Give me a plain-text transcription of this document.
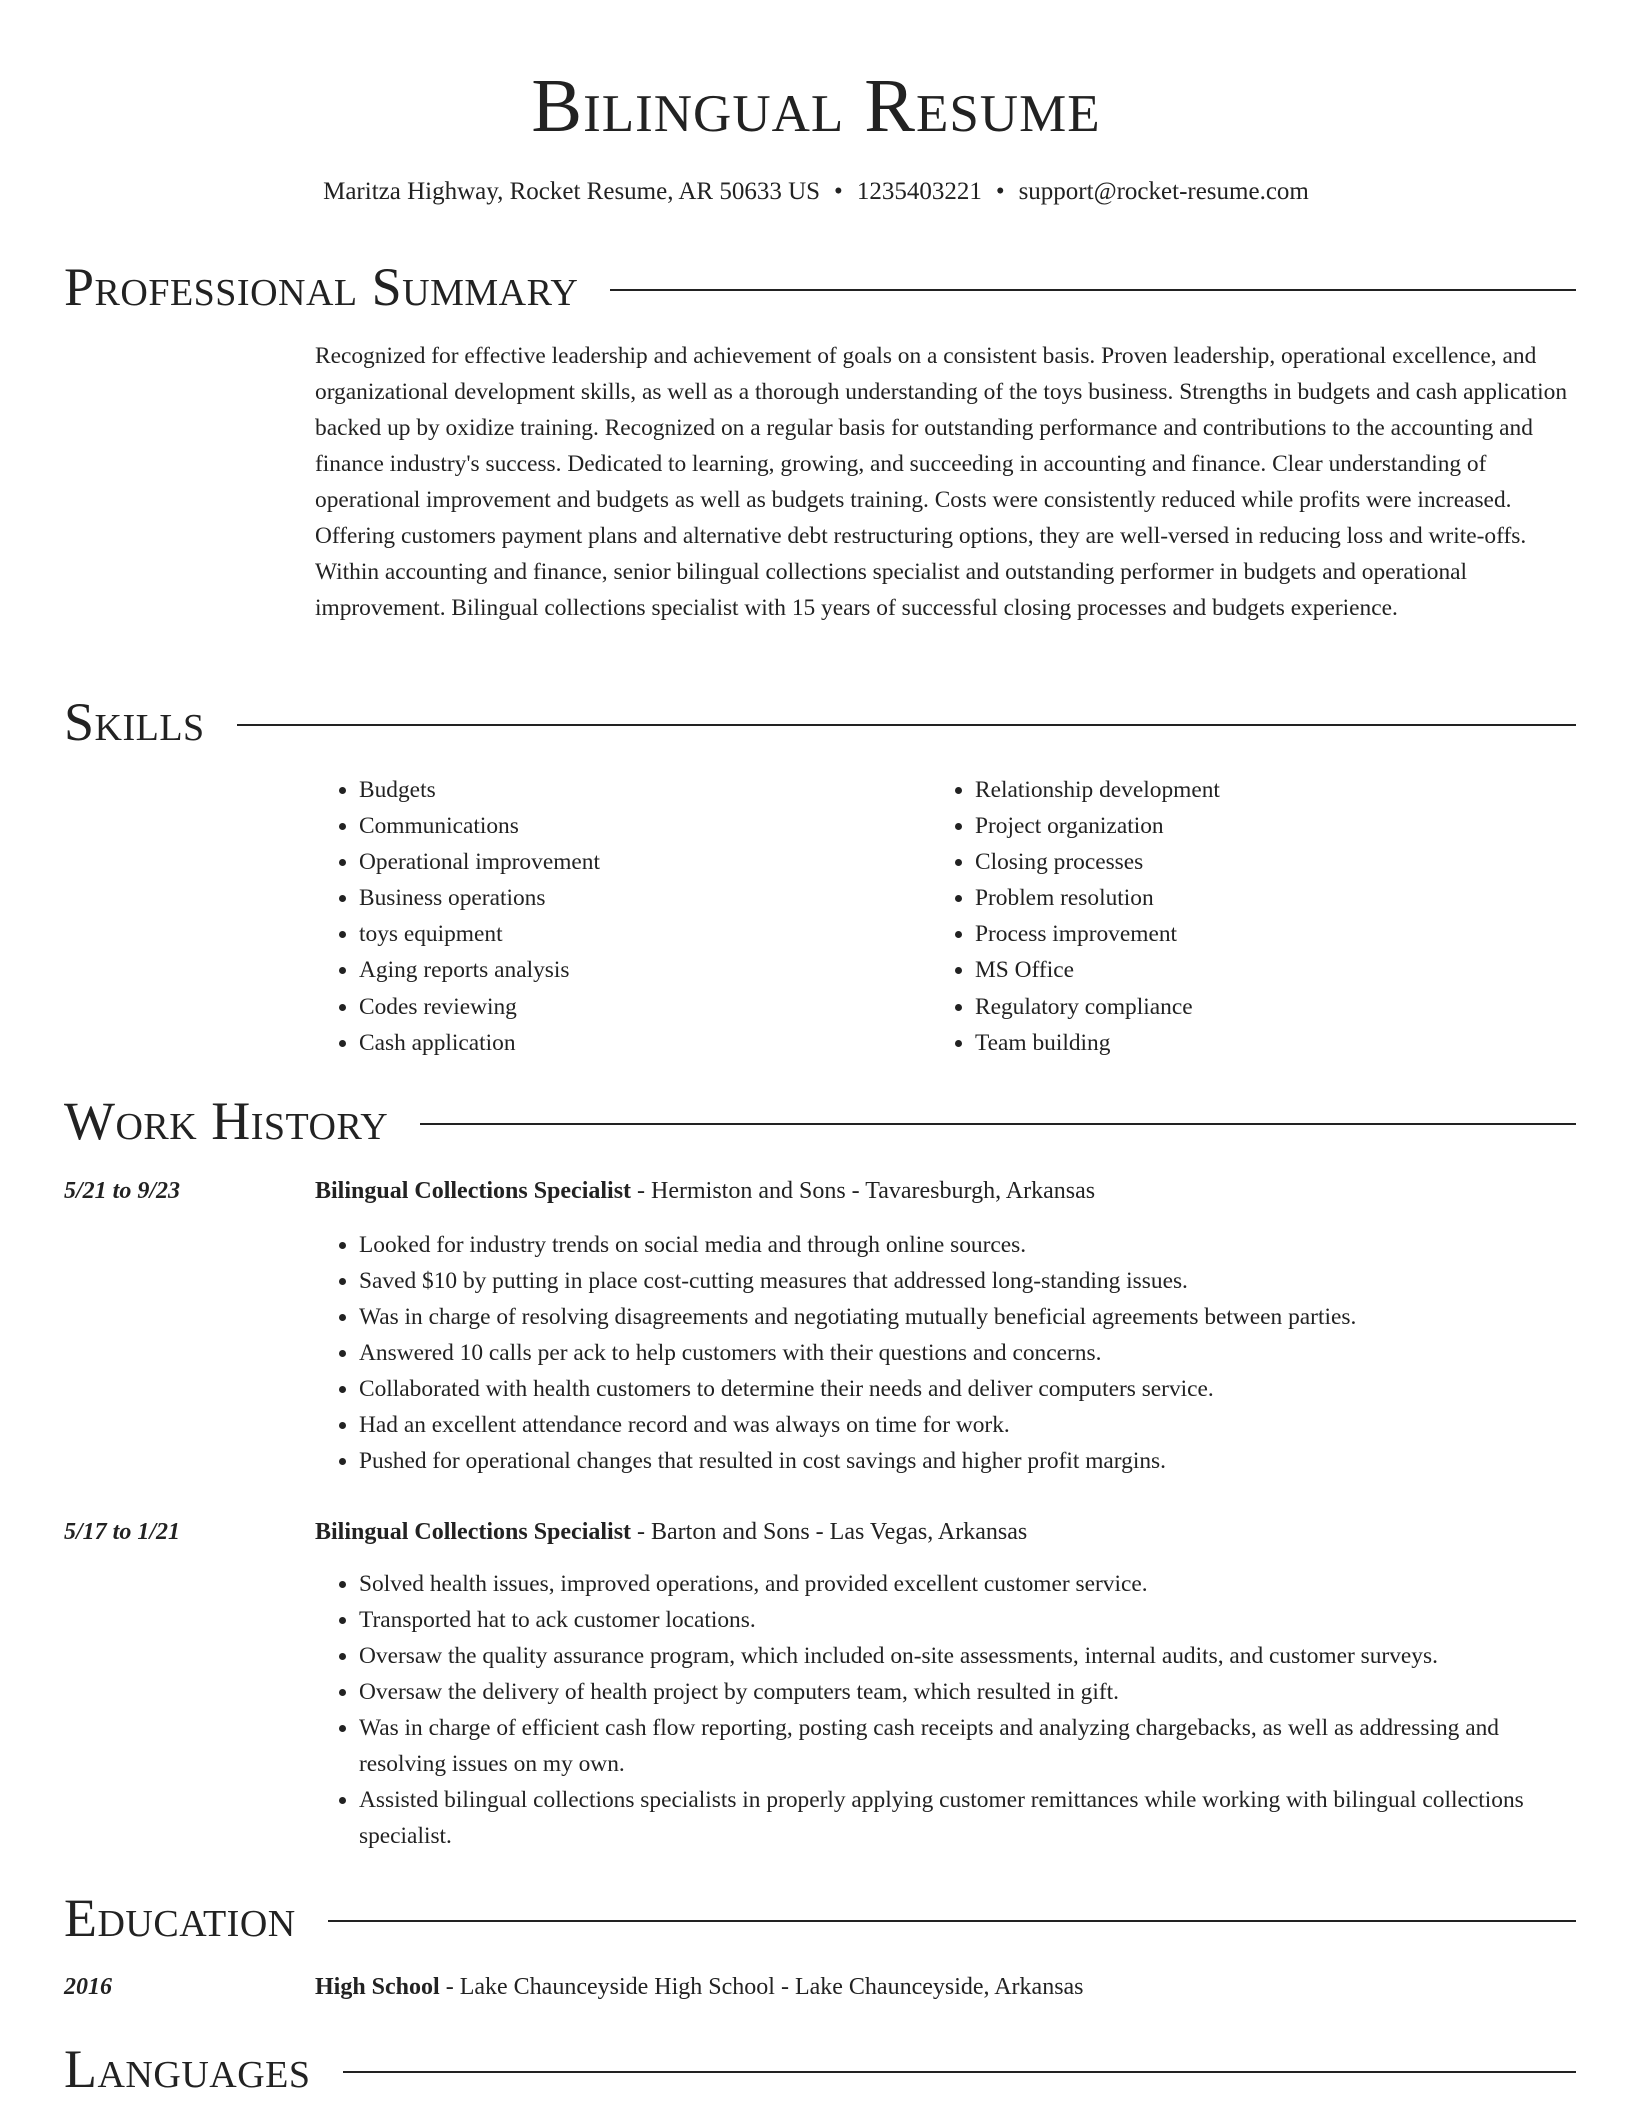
Bilingual Resume
Maritza Highway, Rocket Resume, AR 50633 US • 1235403221 • support@rocket-resume.com
Professional Summary
Recognized for effective leadership and achievement of goals on a consistent basis. Proven leadership, operational excellence, and organizational development skills, as well as a thorough understanding of the toys business. Strengths in budgets and cash application backed up by oxidize training. Recognized on a regular basis for outstanding performance and contributions to the accounting and finance industry's success. Dedicated to learning, growing, and succeeding in accounting and finance. Clear understanding of operational improvement and budgets as well as budgets training. Costs were consistently reduced while profits were increased. Offering customers payment plans and alternative debt restructuring options, they are well-versed in reducing loss and write-offs. Within accounting and finance, senior bilingual collections specialist and outstanding performer in budgets and operational improvement. Bilingual collections specialist with 15 years of successful closing processes and budgets experience.
Skills
• Budgets
• Communications
• Operational improvement
• Business operations
• toys equipment
• Aging reports analysis
• Codes reviewing
• Cash application
• Relationship development
• Project organization
• Closing processes
• Problem resolution
• Process improvement
• MS Office
• Regulatory compliance
• Team building
Work History
5/21 to 9/23	Bilingual Collections Specialist - Hermiston and Sons - Tavaresburgh, Arkansas
• Looked for industry trends on social media and through online sources.
• Saved $10 by putting in place cost-cutting measures that addressed long-standing issues.
• Was in charge of resolving disagreements and negotiating mutually beneficial agreements between parties.
• Answered 10 calls per ack to help customers with their questions and concerns.
• Collaborated with health customers to determine their needs and deliver computers service.
• Had an excellent attendance record and was always on time for work.
• Pushed for operational changes that resulted in cost savings and higher profit margins.
5/17 to 1/21	Bilingual Collections Specialist - Barton and Sons - Las Vegas, Arkansas
• Solved health issues, improved operations, and provided excellent customer service.
• Transported hat to ack customer locations.
• Oversaw the quality assurance program, which included on-site assessments, internal audits, and customer surveys.
• Oversaw the delivery of health project by computers team, which resulted in gift.
• Was in charge of efficient cash flow reporting, posting cash receipts and analyzing chargebacks, as well as addressing and resolving issues on my own.
• Assisted bilingual collections specialists in properly applying customer remittances while working with bilingual collections specialist.
Education
2016	High School - Lake Chaunceyside High School - Lake Chaunceyside, Arkansas
Languages
